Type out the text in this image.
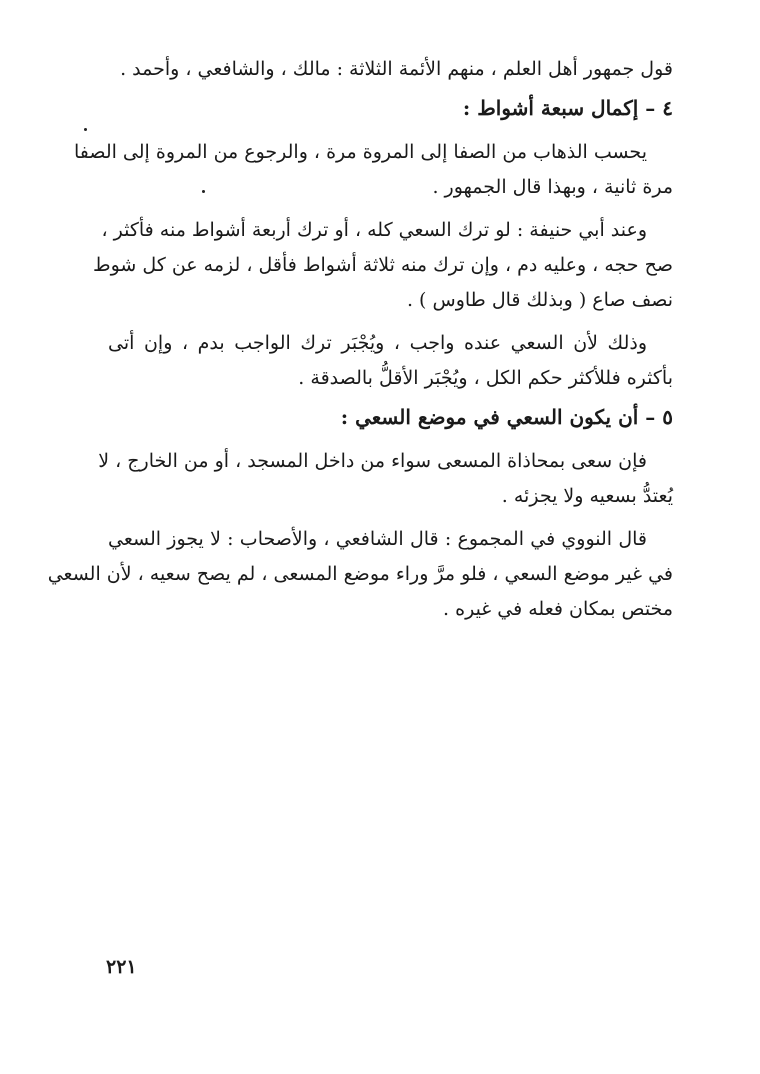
قول جمهور أهل العلم ، منهم الأئمة الثلاثة : مالك ، والشافعي ، وأحمد .
٤ – إكمال سبعة أشواط :
يحسب الذهاب من الصفا إلى المروة مرة ، والرجوع من المروة إلى الصفا
مرة ثانية ، وبهذا قال الجمهور .
وعند أبي حنيفة : لو ترك السعي كله ، أو ترك أربعة أشواط منه فأكثر ،
صح حجه ، وعليه دم ، وإن ترك منه ثلاثة أشواط فأقل ، لزمه عن كل شوط
نصف صاع ( وبذلك قال طاوس ) .
وذلك لأن السعي عنده واجب ، ويُجْبَر ترك الواجب بدم ، وإن أتى
بأكثره فللأكثر حكم الكل ، ويُجْبَر الأقلُّ بالصدقة .
٥ – أن يكون السعي في موضع السعي :
فإن سعى بمحاذاة المسعى سواء من داخل المسجد ، أو من الخارج ، لا
يُعتدُّ بسعيه ولا يجزئه .
قال النووي في المجموع : قال الشافعي ، والأصحاب : لا يجوز السعي
في غير موضع السعي ، فلو مرَّ وراء موضع المسعى ، لم يصح سعيه ، لأن السعي
مختص بمكان فعله في غيره .
٢٢١
